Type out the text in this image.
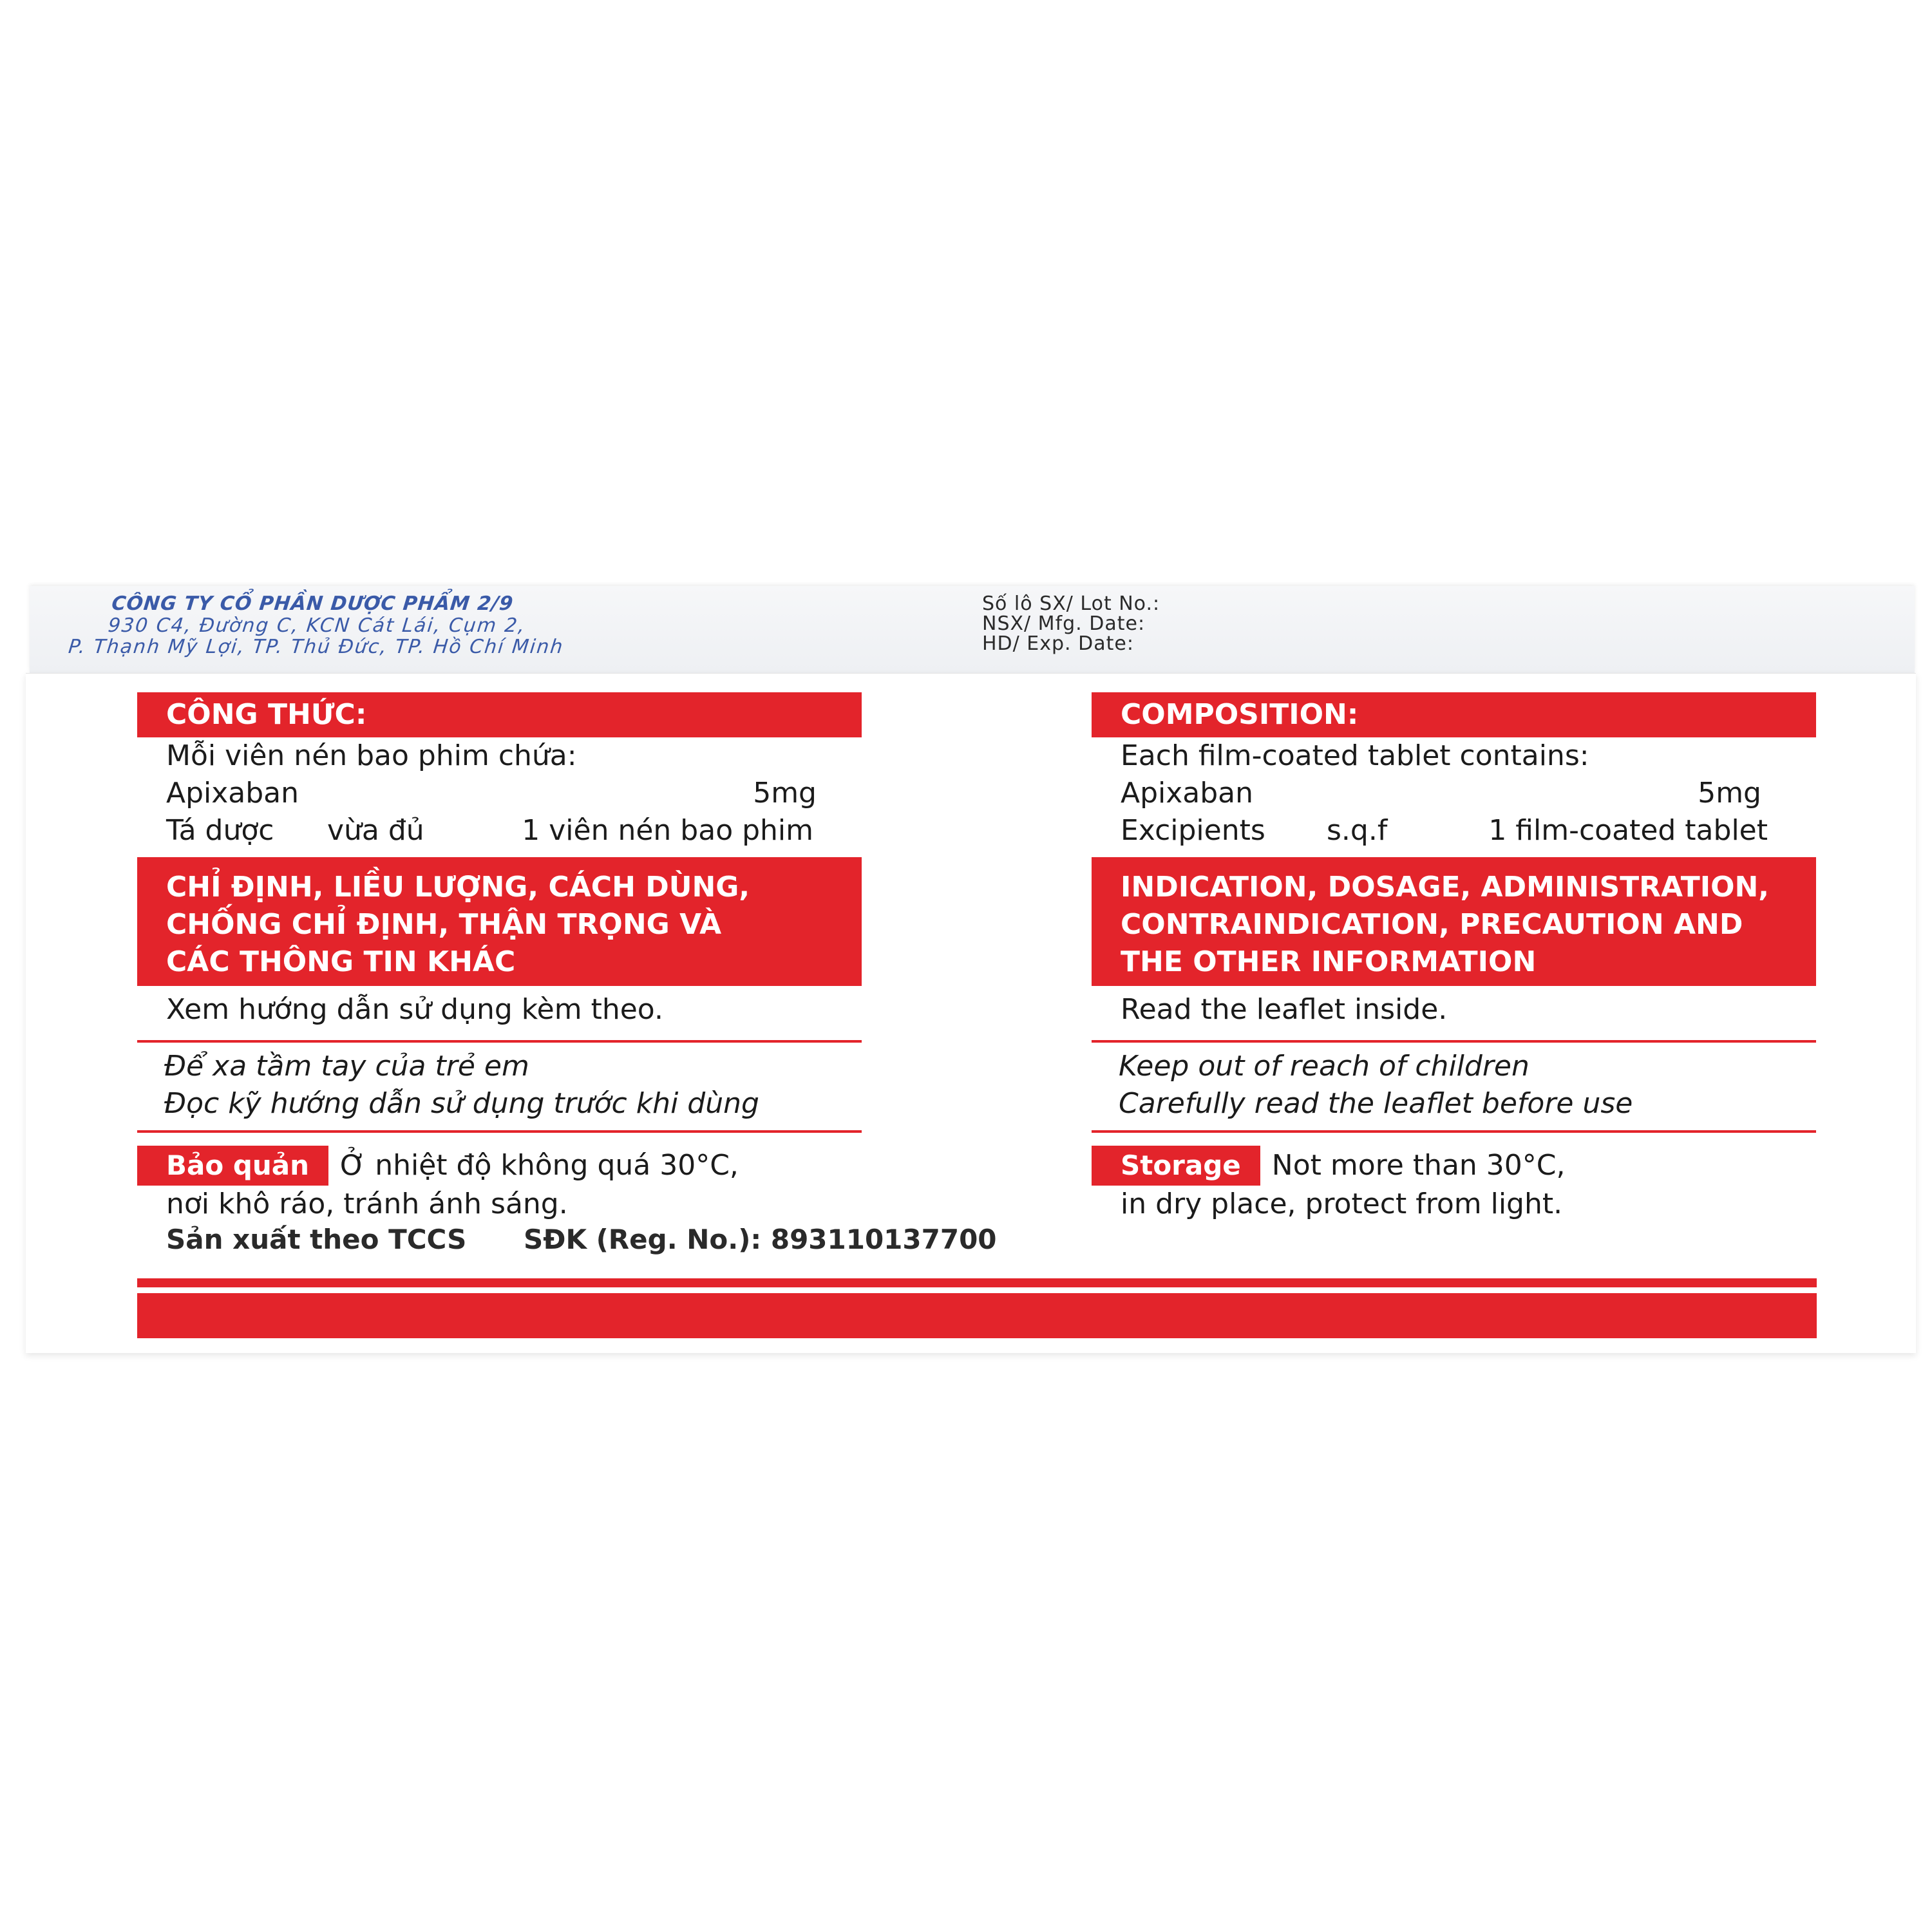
CÔNG TY CỔ PHẦN DƯỢC PHẨM 2/9
930 C4, Đường C, KCN Cát Lái, Cụm 2,
P. Thạnh Mỹ Lợi, TP. Thủ Đức, TP. Hồ Chí Minh
Số lô SX/ Lot No.:
NSX/ Mfg. Date:
HD/ Exp. Date:
CÔNG THỨC:
Mỗi viên nén bao phim chứa:
Apixaban	5mg
Tá dược	vừa đủ	1 viên nén bao phim
CHỈ ĐỊNH, LIỀU LƯỢNG, CÁCH DÙNG,
CHỐNG CHỈ ĐỊNH, THẬN TRỌNG VÀ
CÁC THÔNG TIN KHÁC
Xem hướng dẫn sử dụng kèm theo.
Để xa tầm tay của trẻ em
Đọc kỹ hướng dẫn sử dụng trước khi dùng
Bảo quản Ở nhiệt độ không quá 30°C,
nơi khô ráo, tránh ánh sáng.
COMPOSITION:
Each film-coated tablet contains:
Apixaban	5mg
Excipients	s.q.f	1 film-coated tablet
INDICATION, DOSAGE, ADMINISTRATION,
CONTRAINDICATION, PRECAUTION AND
THE OTHER INFORMATION
Read the leaflet inside.
Keep out of reach of children
Carefully read the leaflet before use
Storage Not more than 30°C,
in dry place, protect from light.
Sản xuất theo TCCS SĐK (Reg. No.): 893110137700
